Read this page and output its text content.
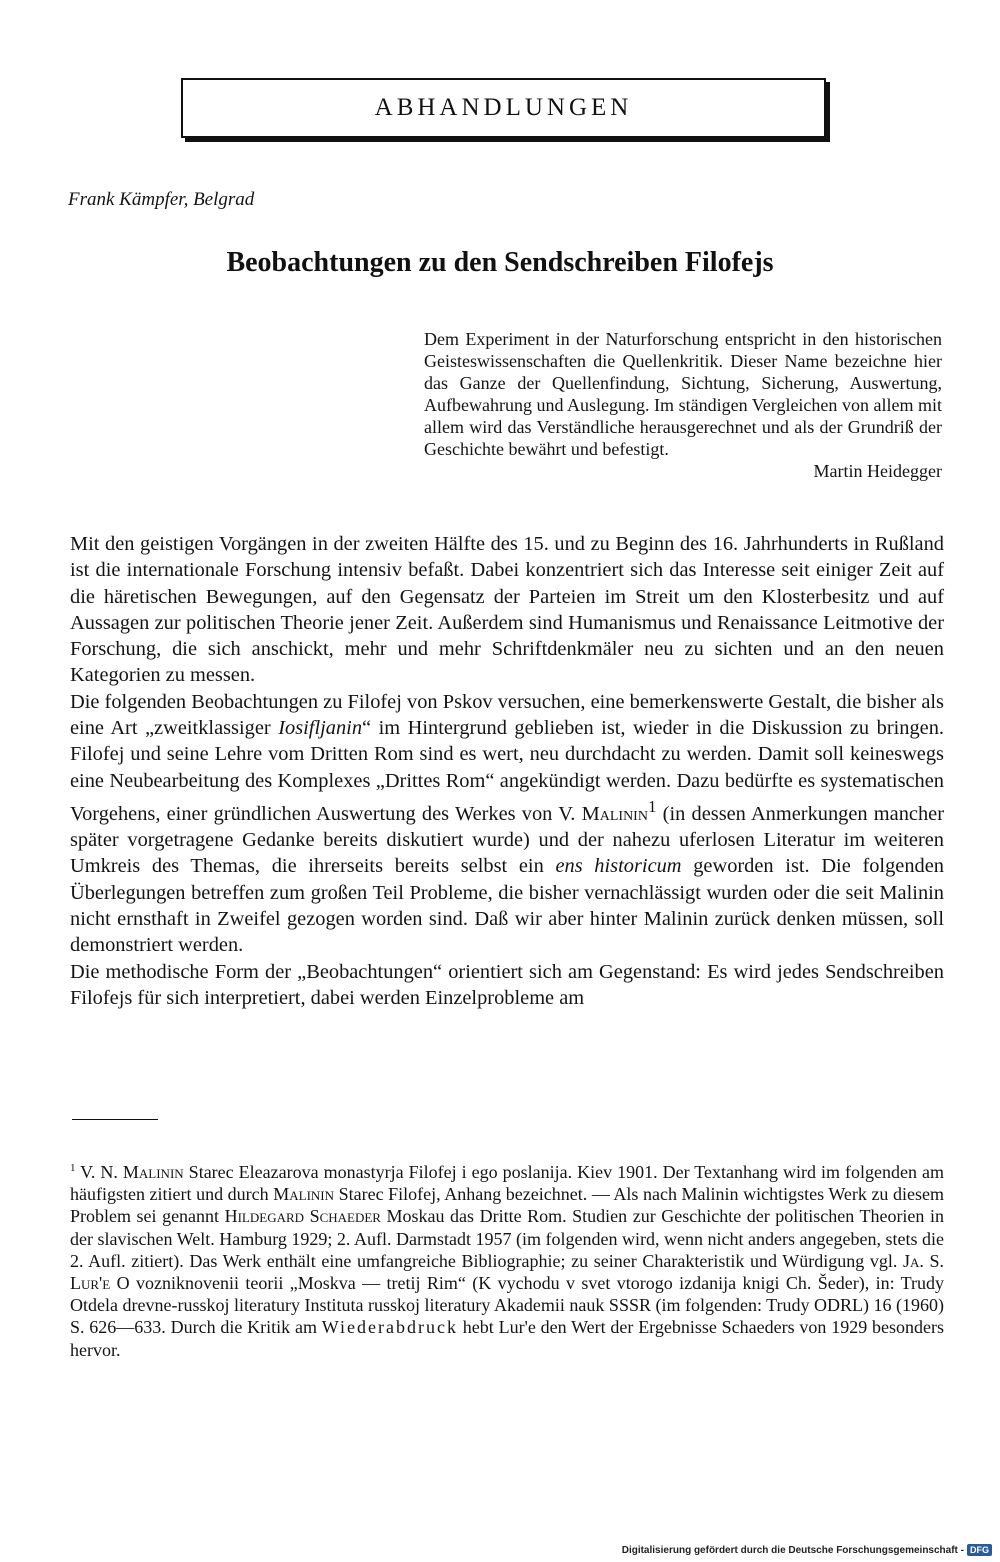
ABHANDLUNGEN
Frank Kämpfer, Belgrad
Beobachtungen zu den Sendschreiben Filofejs
Dem Experiment in der Naturforschung entspricht in den historischen Geisteswissenschaften die Quellenkritik. Dieser Name bezeichne hier das Ganze der Quellenfindung, Sichtung, Sicherung, Auswertung, Aufbewahrung und Auslegung. Im ständigen Vergleichen von allem mit allem wird das Verständliche herausgerechnet und als der Grundriß der Geschichte bewährt und befestigt.
Martin Heidegger

Mit den geistigen Vorgängen in der zweiten Hälfte des 15. und zu Beginn des 16. Jahrhunderts in Rußland ist die internationale Forschung intensiv befaßt. Dabei konzentriert sich das Interesse seit einiger Zeit auf die häretischen Bewegungen, auf den Gegensatz der Parteien im Streit um den Klosterbesitz und auf Aussagen zur politischen Theorie jener Zeit. Außerdem sind Humanismus und Renaissance Leitmotive der Forschung, die sich anschickt, mehr und mehr Schriftdenkmäler neu zu sichten und an den neuen Kategorien zu messen.

Die folgenden Beobachtungen zu Filofej von Pskov versuchen, eine bemerkenswerte Gestalt, die bisher als eine Art „zweitklassiger Iosifljanin“ im Hintergrund geblieben ist, wieder in die Diskussion zu bringen. Filofej und seine Lehre vom Dritten Rom sind es wert, neu durchdacht zu werden. Damit soll keineswegs eine Neubearbeitung des Komplexes „Drittes Rom“ angekündigt werden. Dazu bedürfte es systematischen Vorgehens, einer gründlichen Auswertung des Werkes von V. Malinin$^1$ (in dessen Anmerkungen mancher später vorgetragene Gedanke bereits diskutiert wurde) und der nahezu uferlosen Literatur im weiteren Umkreis des Themas, die ihrerseits bereits selbst ein ens historicum geworden ist. Die folgenden Überlegungen betreffen zum großen Teil Probleme, die bisher vernachlässigt wurden oder die seit Malinin nicht ernsthaft in Zweifel gezogen worden sind. Daß wir aber hinter Malinin zurück denken müssen, soll demonstriert werden.

Die methodische Form der „Beobachtungen“ orientiert sich am Gegenstand: Es wird jedes Sendschreiben Filofejs für sich interpretiert, dabei werden Einzelprobleme am

$^1$ V. N. Malinin Starec Eleazarova monastyrja Filofej i ego poslanija. Kiev 1901. Der Textanhang wird im folgenden am häufigsten zitiert und durch Malinin Starec Filofej, Anhang bezeichnet. — Als nach Malinin wichtigstes Werk zu diesem Problem sei genannt Hildegard Schaeder Moskau das Dritte Rom. Studien zur Geschichte der politischen Theorien in der slavischen Welt. Hamburg 1929; 2. Aufl. Darmstadt 1957 (im folgenden wird, wenn nicht anders angegeben, stets die 2. Aufl. zitiert). Das Werk enthält eine umfangreiche Bibliographie; zu seiner Charakteristik und Würdigung vgl. Ja. S. Lur'e O vozniknovenii teorii „Moskva — tretij Rim“ (K vychodu v svet vtorogo izdanija knigi Ch. Šeder), in: Trudy Otdela drevne-russkoj literatury Instituta russkoj literatury Akademii nauk SSSR (im folgenden: Trudy ODRL) 16 (1960) S. 626—633. Durch die Kritik am Wiederabdruck hebt Lur'e den Wert der Ergebnisse Schaeders von 1929 besonders hervor.
Digitalisierung gefördert durch die Deutsche Forschungsgemeinschaft - DFG
